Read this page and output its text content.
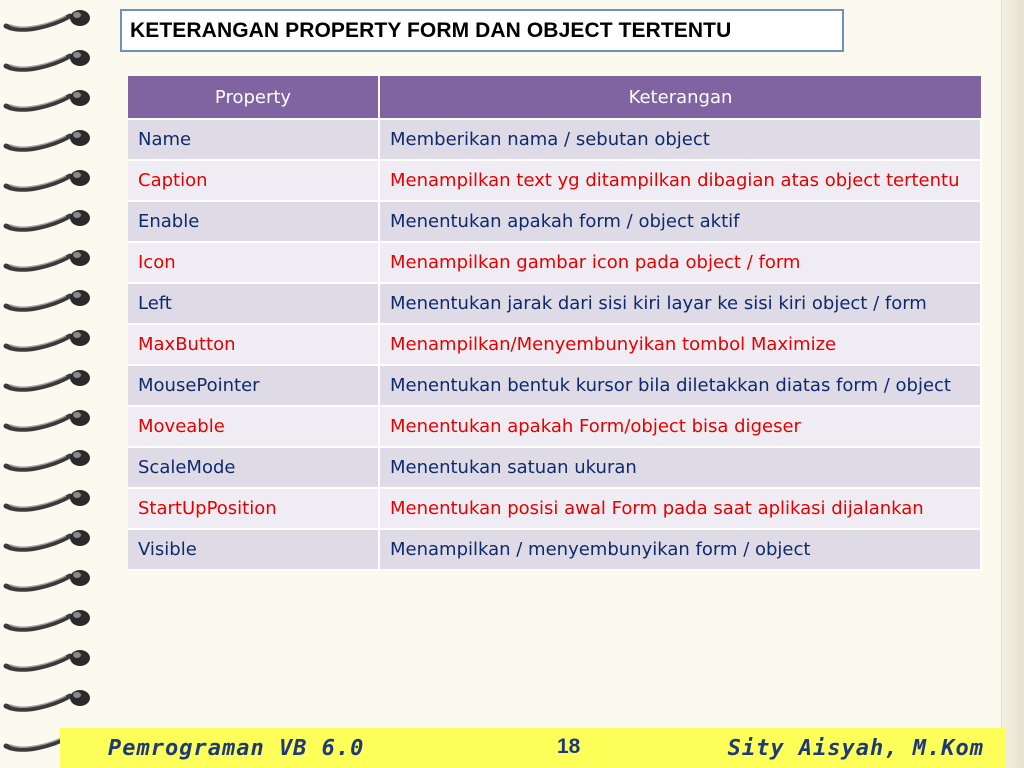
KETERANGAN PROPERTY FORM DAN OBJECT TERTENTU
Property	Keterangan
Name	Memberikan nama / sebutan object
Caption	Menampilkan text yg ditampilkan dibagian atas object tertentu
Enable	Menentukan apakah form / object aktif
Icon	Menampilkan gambar icon pada object / form
Left	Menentukan jarak dari sisi kiri layar ke sisi kiri object / form
MaxButton	Menampilkan/Menyembunyikan tombol Maximize
MousePointer	Menentukan bentuk kursor bila diletakkan diatas form / object
Moveable	Menentukan apakah Form/object bisa digeser
ScaleMode	Menentukan satuan ukuran
StartUpPosition	Menentukan posisi awal Form pada saat aplikasi dijalankan
Visible	Menampilkan / menyembunyikan form / object
Pemrograman VB 6.0	18	Sity Aisyah, M.Kom
